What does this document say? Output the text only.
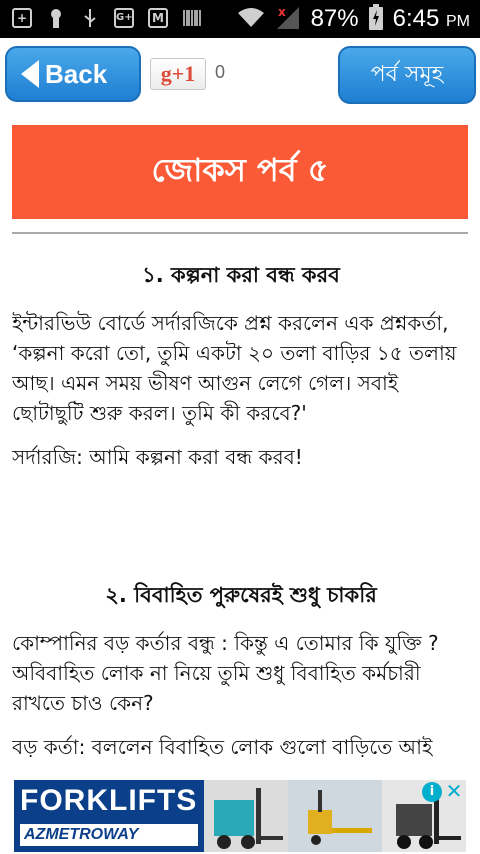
+	G+	M	x 87% 6:45 PM
Back g+1 0	পর্ব সমূহ
জোকস পর্ব ৫
১. কল্পনা করা বন্ধ করব

ইন্টারভিউ বোর্ডে সর্দারজিকে প্রশ্ন করলেন এক প্রশ্নকর্তা, ‘কল্পনা করো তো, তুমি একটা ২০ তলা বাড়ির ১৫ তলায় আছ। এমন সময় ভীষণ আগুন লেগে গেল। সবাই ছোটাছুটি শুরু করল। তুমি কী করবে?'

সর্দারজি: আমি কল্পনা করা বন্ধ করব!

২. বিবাহিত পুরুষেরই শুধু চাকরি

কোম্পানির বড় কর্তার বন্ধু : কিন্তু এ তোমার কি যুক্তি ? অবিবাহিত লোক না নিয়ে তুমি শুধু বিবাহিত কর্মচারী রাখতে চাও কেন?

বড় কর্তা: বললেন বিবাহিত লোক গুলো বাড়িতে আই

FORKLIFTS
AZMETROWAY
i ✕
